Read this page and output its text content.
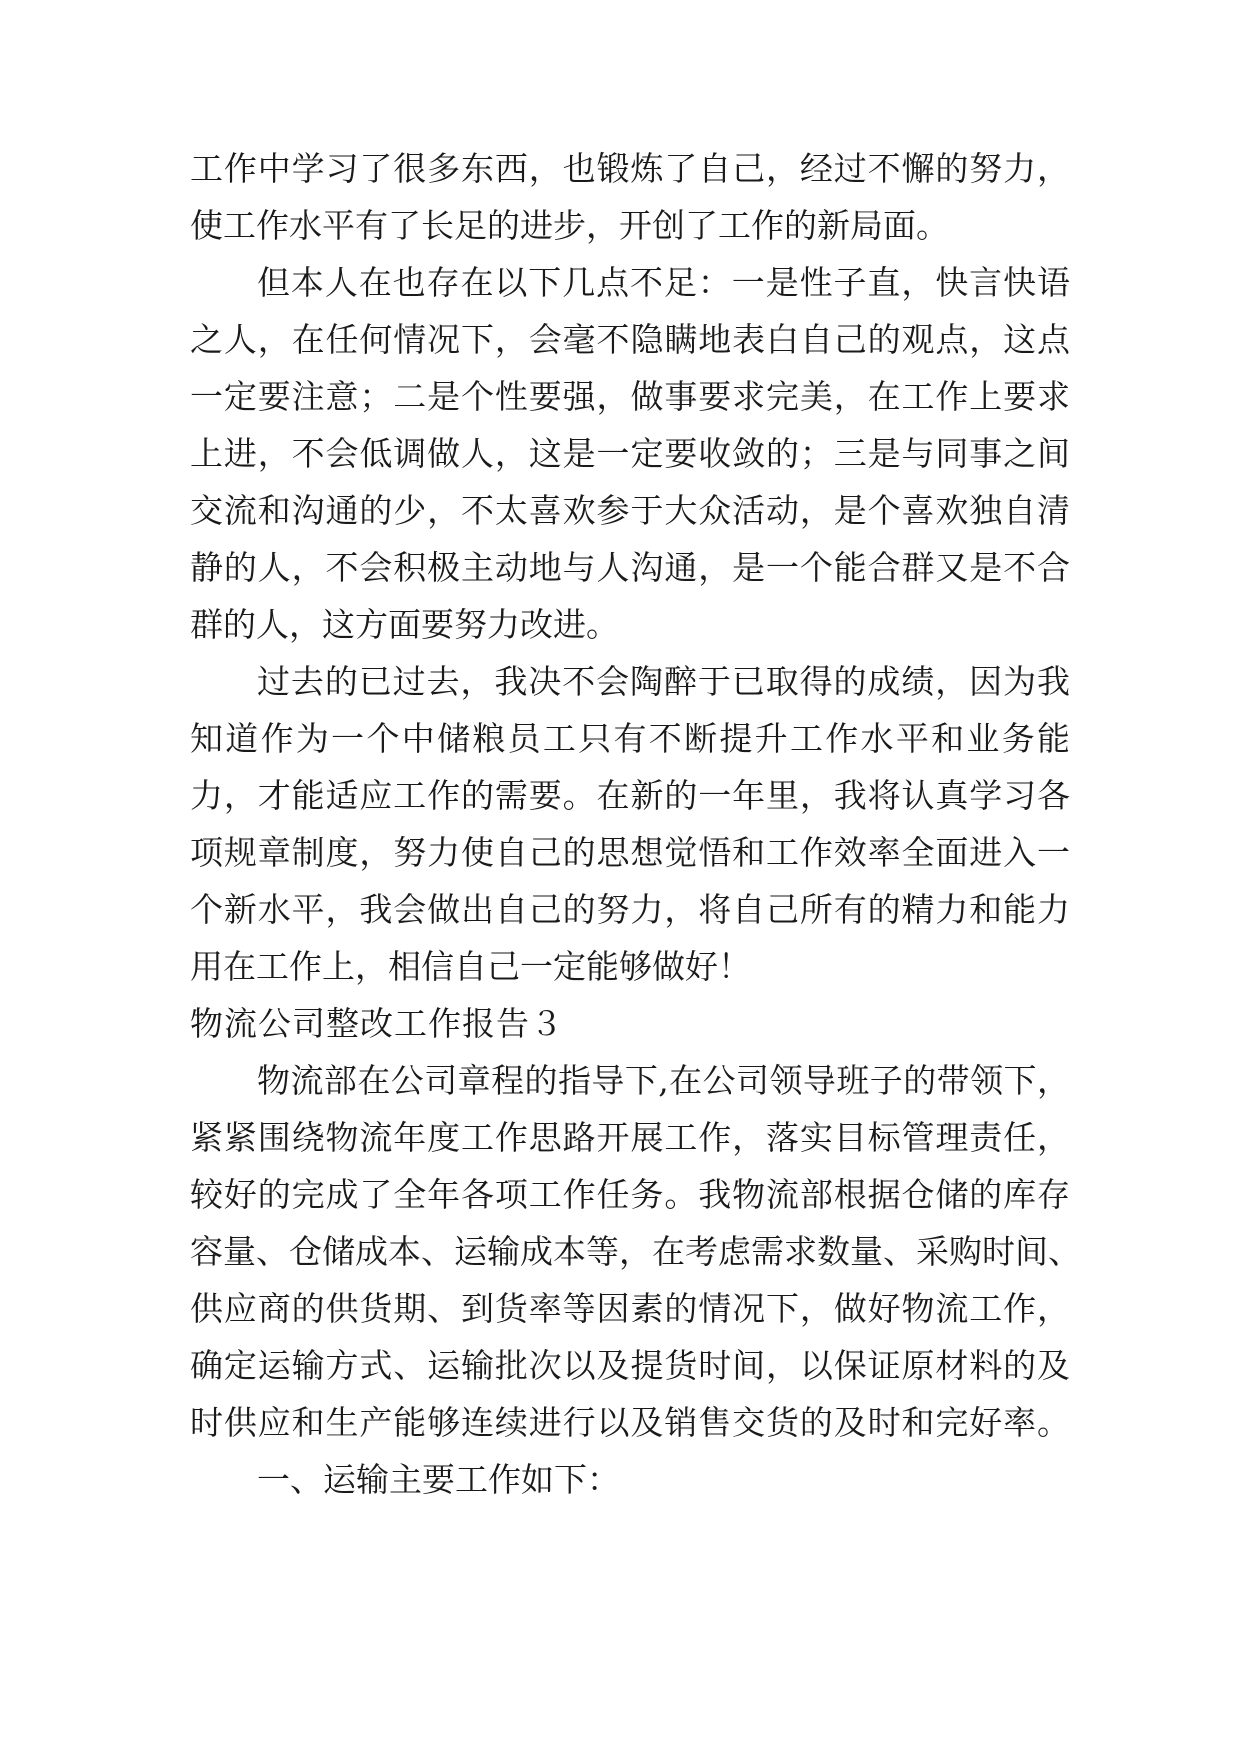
工作中学习了很多东西，也锻炼了自己，经过不懈的努力，
使工作水平有了长足的进步，开创了工作的新局面。
但本人在也存在以下几点不足：一是性子直，快言快语
之人，在任何情况下，会毫不隐瞒地表白自己的观点，这点
一定要注意；二是个性要强，做事要求完美，在工作上要求
上进，不会低调做人，这是一定要收敛的；三是与同事之间
交流和沟通的少，不太喜欢参于大众活动，是个喜欢独自清
静的人，不会积极主动地与人沟通，是一个能合群又是不合
群的人，这方面要努力改进。
过去的已过去，我决不会陶醉于已取得的成绩，因为我
知道作为一个中储粮员工只有不断提升工作水平和业务能
力，才能适应工作的需要。在新的一年里，我将认真学习各
项规章制度，努力使自己的思想觉悟和工作效率全面进入一
个新水平，我会做出自己的努力，将自己所有的精力和能力
用在工作上，相信自己一定能够做好！
物流公司整改工作报告３
物流部在公司章程的指导下,在公司领导班子的带领下，
紧紧围绕物流年度工作思路开展工作，落实目标管理责任，
较好的完成了全年各项工作任务。我物流部根据仓储的库存
容量、仓储成本、运输成本等，在考虑需求数量、采购时间、
供应商的供货期、到货率等因素的情况下，做好物流工作，
确定运输方式、运输批次以及提货时间，以保证原材料的及
时供应和生产能够连续进行以及销售交货的及时和完好率。
一、运输主要工作如下：
